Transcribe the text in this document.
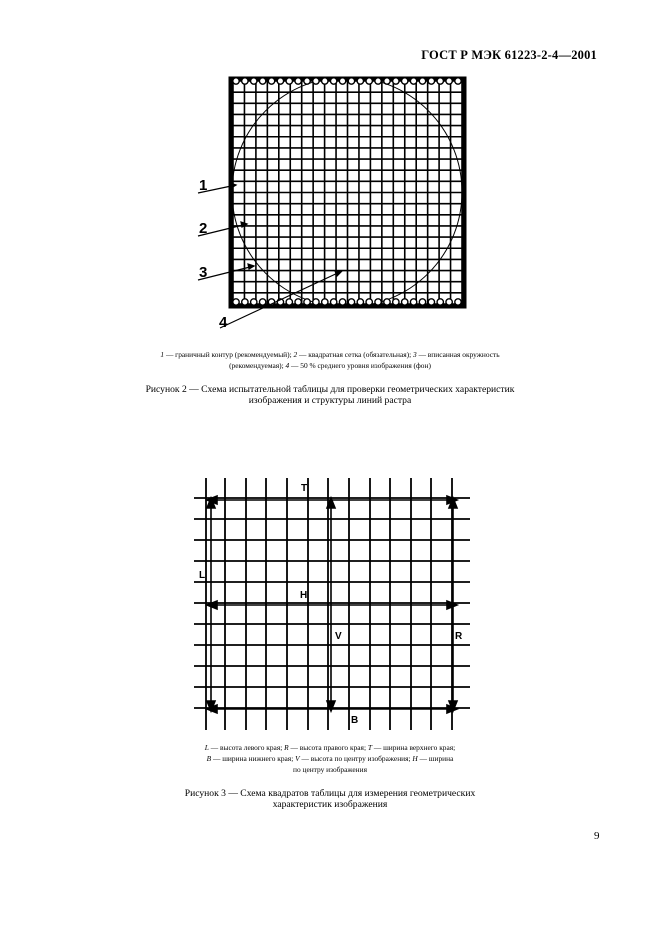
ГОСТ Р МЭК 61223-2-4—2001
1
2
3
4
1 — граничный контур (рекомендуемый); 2 — квадратная сетка (обязательная); 3 — вписанная окружность
(рекомендуемая); 4 — 50 % среднего уровня изображения (фон)
Рисунок 2 — Схема испытательной таблицы для проверки геометрических характеристик
изображения и структуры линий растра
T
L
H
V	R
B
L — высота левого края; R — высота правого края; T — ширина верхнего края;
B — ширина нижнего края; V — высота по центру изображения; H — ширина
по центру изображения
Рисунок 3 — Схема квадратов таблицы для измерения геометрических
характеристик изображения
9
